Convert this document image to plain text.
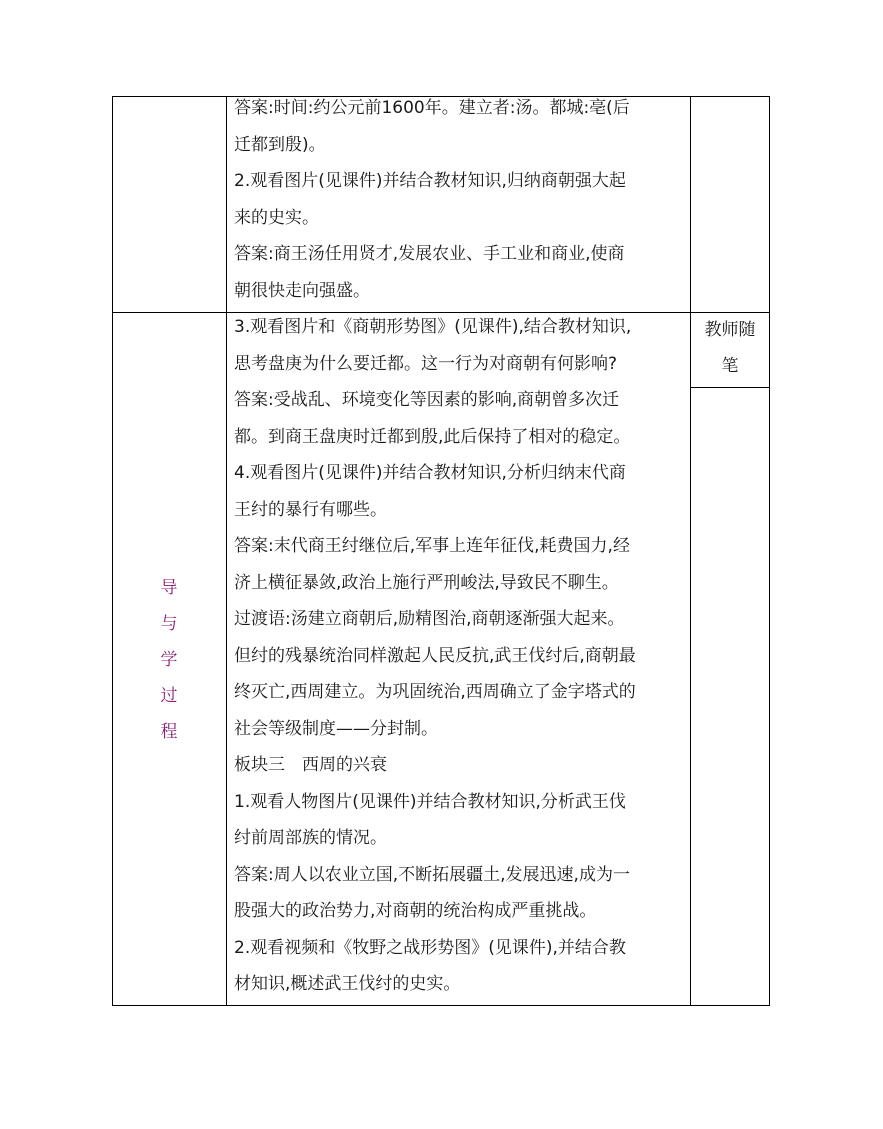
导
与
学
过
程
教师随
笔
答案:时间:约公元前1600年。建立者:汤。都城:亳(后
迁都到殷)。
2.观看图片(见课件)并结合教材知识,归纳商朝强大起
来的史实。
答案:商王汤任用贤才,发展农业、手工业和商业,使商
朝很快走向强盛。
3.观看图片和《商朝形势图》(见课件),结合教材知识,
思考盘庚为什么要迁都。这一行为对商朝有何影响?
答案:受战乱、环境变化等因素的影响,商朝曾多次迁
都。到商王盘庚时迁都到殷,此后保持了相对的稳定。
4.观看图片(见课件)并结合教材知识,分析归纳末代商
王纣的暴行有哪些。
答案:末代商王纣继位后,军事上连年征伐,耗费国力,经
济上横征暴敛,政治上施行严刑峻法,导致民不聊生。
过渡语:汤建立商朝后,励精图治,商朝逐渐强大起来。
但纣的残暴统治同样激起人民反抗,武王伐纣后,商朝最
终灭亡,西周建立。为巩固统治,西周确立了金字塔式的
社会等级制度——分封制。
板块三　西周的兴衰
1.观看人物图片(见课件)并结合教材知识,分析武王伐
纣前周部族的情况。
答案:周人以农业立国,不断拓展疆土,发展迅速,成为一
股强大的政治势力,对商朝的统治构成严重挑战。
2.观看视频和《牧野之战形势图》(见课件),并结合教
材知识,概述武王伐纣的史实。
